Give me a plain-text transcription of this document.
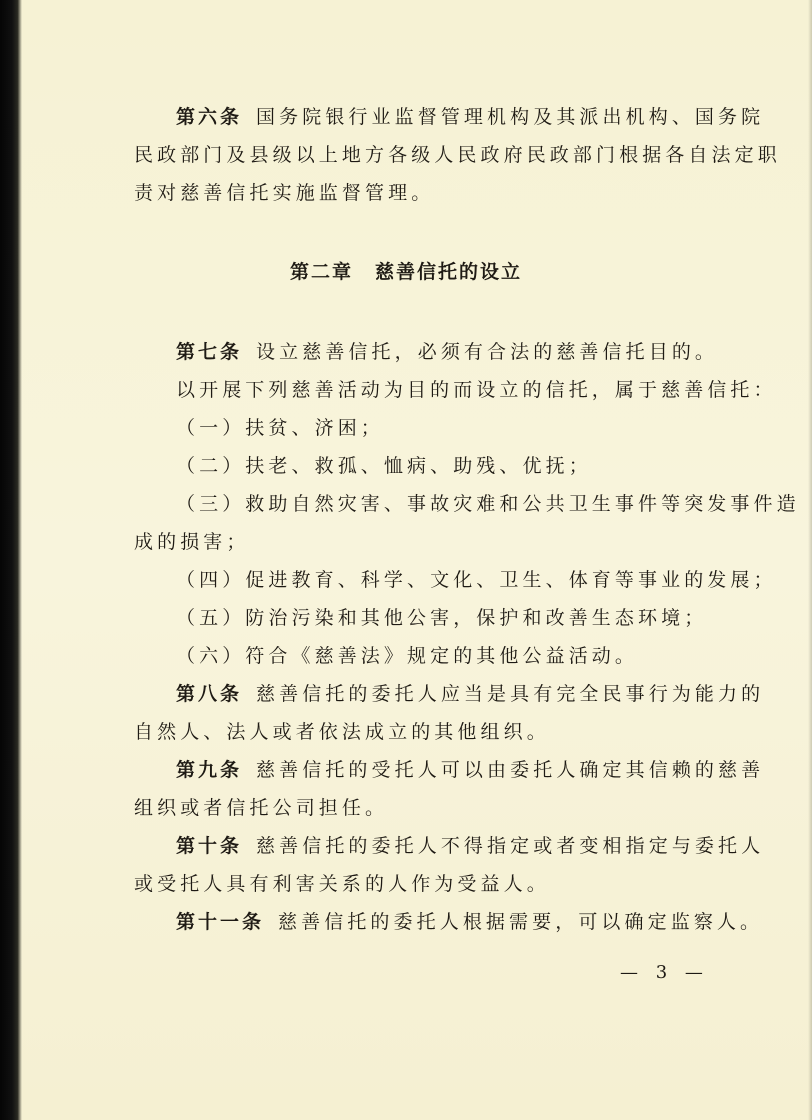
第六条 国务院银行业监督管理机构及其派出机构、国务院
民政部门及县级以上地方各级人民政府民政部门根据各自法定职
责对慈善信托实施监督管理。
第二章 慈善信托的设立
第七条 设立慈善信托，必须有合法的慈善信托目的。
以开展下列慈善活动为目的而设立的信托，属于慈善信托：
（一）扶贫、济困；
（二）扶老、救孤、恤病、助残、优抚；
（三）救助自然灾害、事故灾难和公共卫生事件等突发事件造
成的损害；
（四）促进教育、科学、文化、卫生、体育等事业的发展；
（五）防治污染和其他公害，保护和改善生态环境；
（六）符合《慈善法》规定的其他公益活动。
第八条 慈善信托的委托人应当是具有完全民事行为能力的
自然人、法人或者依法成立的其他组织。
第九条 慈善信托的受托人可以由委托人确定其信赖的慈善
组织或者信托公司担任。
第十条 慈善信托的委托人不得指定或者变相指定与委托人
或受托人具有利害关系的人作为受益人。
第十一条 慈善信托的委托人根据需要，可以确定监察人。
— 3 —
